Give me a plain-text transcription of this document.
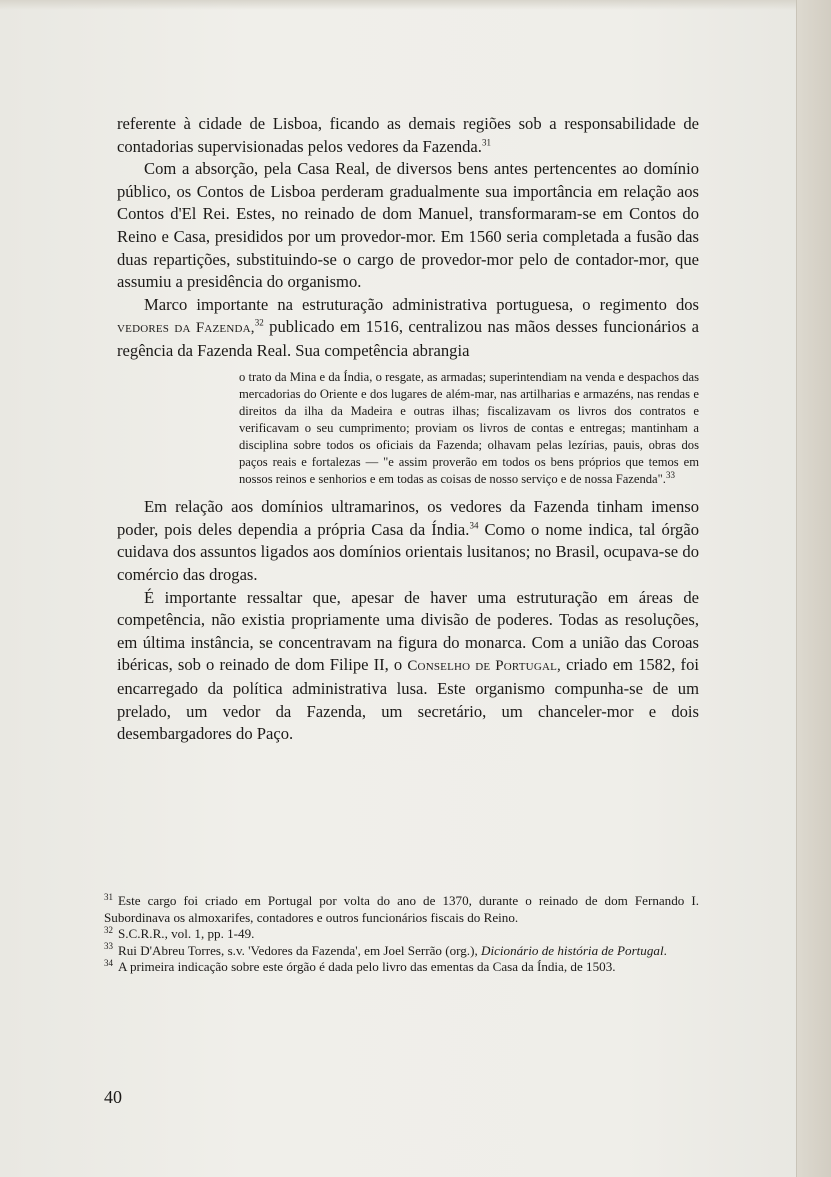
referente à cidade de Lisboa, ficando as demais regiões sob a responsabilidade de contadorias supervisionadas pelos vedores da Fazenda.$^{31}$

Com a absorção, pela Casa Real, de diversos bens antes pertencentes ao domínio público, os Contos de Lisboa perderam gradualmente sua importância em relação aos Contos d'El Rei. Estes, no reinado de dom Manuel, transformaram-se em Contos do Reino e Casa, presididos por um provedor-mor. Em 1560 seria completada a fusão das duas repartições, substituindo-se o cargo de provedor-mor pelo de contador-mor, que assumiu a presidência do organismo.

Marco importante na estruturação administrativa portuguesa, o regimento dos vedores da Fazenda,$^{32}$ publicado em 1516, centralizou nas mãos desses funcionários a regência da Fazenda Real. Sua competência abrangia

o trato da Mina e da Índia, o resgate, as armadas; superintendiam na venda e despachos das mercadorias do Oriente e dos lugares de além-mar, nas artilharias e armazéns, nas rendas e direitos da ilha da Madeira e outras ilhas; fiscalizavam os livros dos contratos e verificavam o seu cumprimento; proviam os livros de contas e entregas; mantinham a disciplina sobre todos os oficiais da Fazenda; olhavam pelas lezírias, pauis, obras dos paços reais e fortalezas — "e assim proverão em todos os bens próprios que temos em nossos reinos e senhorios e em todas as coisas de nosso serviço e de nossa Fazenda".$^{33}$

Em relação aos domínios ultramarinos, os vedores da Fazenda tinham imenso poder, pois deles dependia a própria Casa da Índia.$^{34}$ Como o nome indica, tal órgão cuidava dos assuntos ligados aos domínios orientais lusitanos; no Brasil, ocupava-se do comércio das drogas.

É importante ressaltar que, apesar de haver uma estruturação em áreas de competência, não existia propriamente uma divisão de poderes. Todas as resoluções, em última instância, se concentravam na figura do monarca. Com a união das Coroas ibéricas, sob o reinado de dom Filipe II, o Conselho de Portugal, criado em 1582, foi encarregado da política administrativa lusa. Este organismo compunha-se de um prelado, um vedor da Fazenda, um secretário, um chanceler-mor e dois desembargadores do Paço.

$^{31}$ Este cargo foi criado em Portugal por volta do ano de 1370, durante o reinado de dom Fernando I. Subordinava os almoxarifes, contadores e outros funcionários fiscais do Reino.

$^{32}$ S.C.R.R., vol. 1, pp. 1-49.

$^{33}$ Rui D'Abreu Torres, s.v. 'Vedores da Fazenda', em Joel Serrão (org.), Dicionário de história de Portugal.

$^{34}$ A primeira indicação sobre este órgão é dada pelo livro das ementas da Casa da Índia, de 1503.

40
